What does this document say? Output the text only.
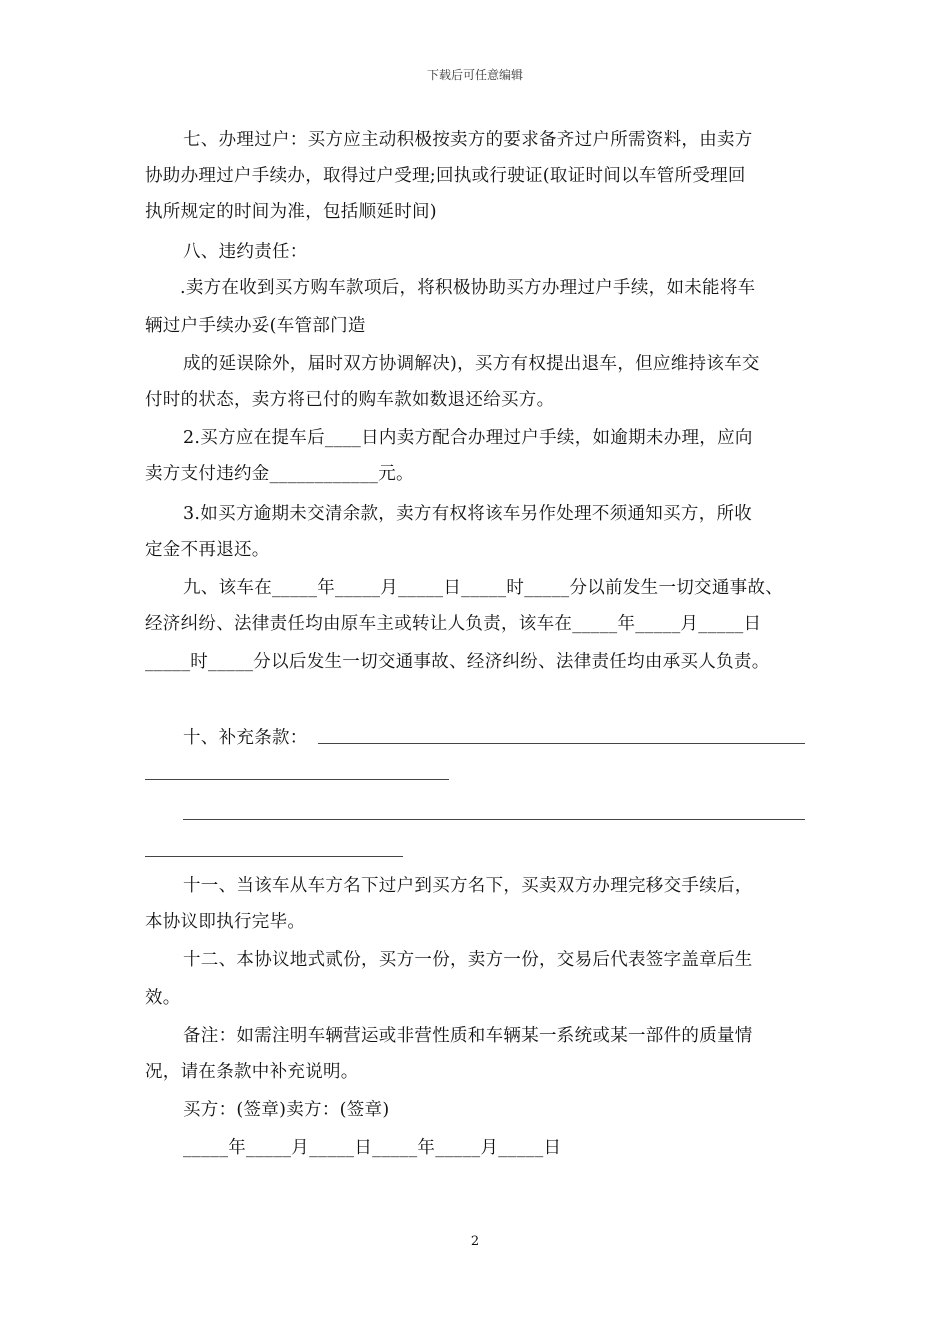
下载后可任意编辑
七、办理过户：买方应主动积极按卖方的要求备齐过户所需资料，由卖方
协助办理过户手续办，取得过户受理;回执或行驶证(取证时间以车管所受理回
执所规定的时间为准，包括顺延时间)
八、违约责任：
.卖方在收到买方购车款项后，将积极协助买方办理过户手续，如未能将车
辆过户手续办妥(车管部门造
成的延误除外，届时双方协调解决)，买方有权提出退车，但应维持该车交
付时的状态，卖方将已付的购车款如数退还给买方。
2.买方应在提车后____日内卖方配合办理过户手续，如逾期未办理，应向
卖方支付违约金____________元。
3.如买方逾期未交清余款，卖方有权将该车另作处理不须通知买方，所收
定金不再退还。
九、该车在_____年_____月_____日_____时_____分以前发生一切交通事故、
经济纠纷、法律责任均由原车主或转让人负责，该车在_____年_____月_____日
_____时_____分以后发生一切交通事故、经济纠纷、法律责任均由承买人负责。
十、补充条款：
十一、当该车从车方名下过户到买方名下，买卖双方办理完移交手续后，
本协议即执行完毕。
十二、本协议地式贰份，买方一份，卖方一份，交易后代表签字盖章后生
效。
备注：如需注明车辆营运或非营性质和车辆某一系统或某一部件的质量情
况，请在条款中补充说明。
买方：(签章)卖方：(签章)
_____年_____月_____日_____年_____月_____日
2
